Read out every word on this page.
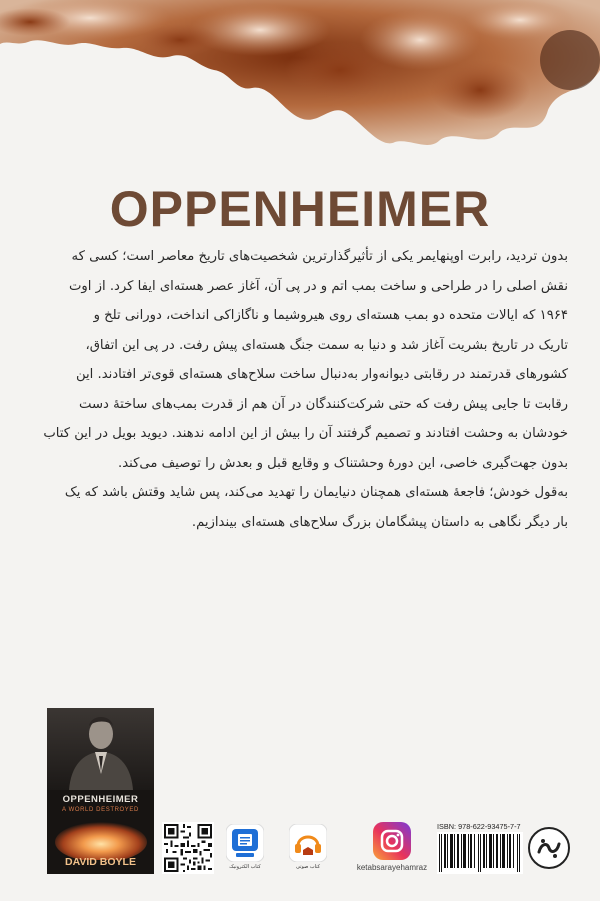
OPPENHEIMER

بدون تردید، رابرت اوپنهایمر یکی از تأثیرگذارترین شخصیت‌های تاریخ معاصر است؛ کسی که
نقش اصلی را در طراحی و ساخت بمب اتم و در پی آن، آغاز عصر هسته‌ای ایفا کرد. از اوت
۱۹۶۴ که ایالات متحده دو بمب هسته‌ای روی هیروشیما و ناگازاکی انداخت، دورانی تلخ و
تاریک در تاریخ بشریت آغاز شد و دنیا به سمت جنگ هسته‌ای پیش رفت. در پی این اتفاق،
کشورهای قدرتمند در رقابتی دیوانه‌وار به‌دنبال ساخت سلاح‌های هسته‌ای قوی‌تر افتادند. این
رقابت تا جایی پیش رفت که حتی شرکت‌کنندگان در آن هم از قدرت بمب‌های ساختهٔ دست
خودشان به وحشت افتادند و تصمیم گرفتند آن را بیش از این ادامه ندهند. دیوید بویل در این کتاب
بدون جهت‌گیری خاصی، این دورهٔ وحشتناک و وقایع قبل و بعدش را توصیف می‌کند.
به‌قول خودش؛ فاجعهٔ هسته‌ای همچنان دنیایمان را تهدید می‌کند، پس شاید وقتش باشد که یک
بار دیگر نگاهی به داستان پیشگامان بزرگ سلاح‌های هسته‌ای بیندازیم.

OPPENHEIMER
A WORLD DESTROYED
DAVID BOYLE	کتاب الکترونیک	کتاب صوتی	ketabsarayehamraz
ISBN: 978-622-93475-7-7
